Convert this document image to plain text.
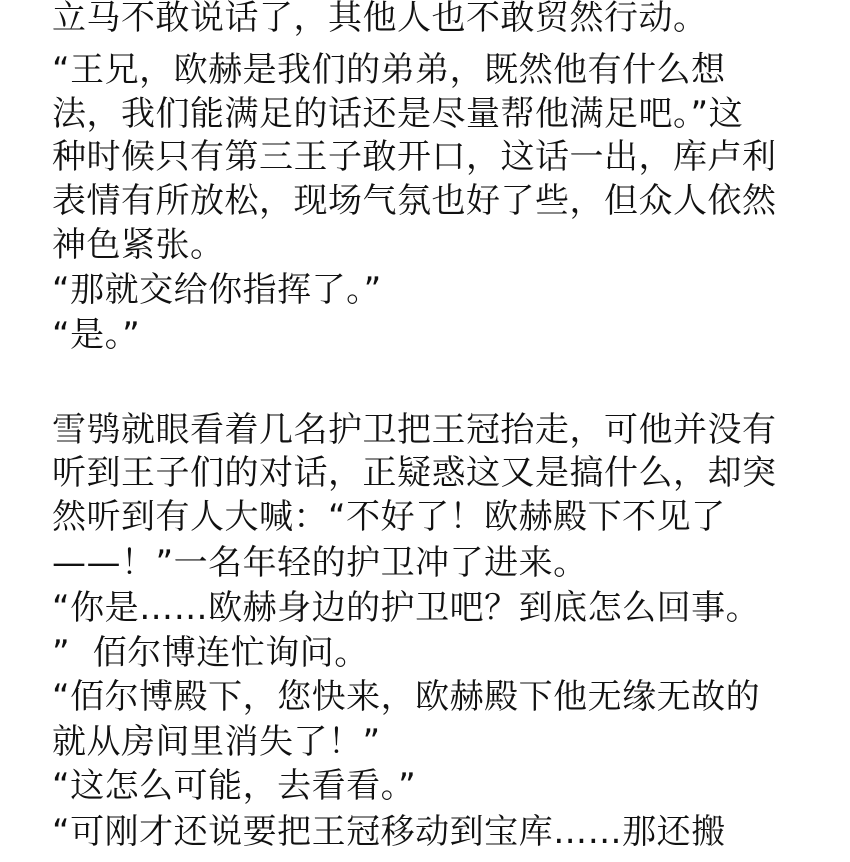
立马不敢说话了，其他人也不敢贸然行动。
“王兄，欧赫是我们的弟弟，既然他有什么想
法，我们能满足的话还是尽量帮他满足吧。”这
种时候只有第三王子敢开口，这话一出，库卢利
表情有所放松，现场气氛也好了些，但众人依然
神色紧张。
“那就交给你指挥了。”
“是。”
雪鸮就眼看着几名护卫把王冠抬走，可他并没有
听到王子们的对话，正疑惑这又是搞什么，却突
然听到有人大喊：“不好了！欧赫殿下不见了
——！”一名年轻的护卫冲了进来。
“你是……欧赫身边的护卫吧？到底怎么回事。
”  佰尔博连忙询问。
“佰尔博殿下，您快来，欧赫殿下他无缘无故的
就从房间里消失了！”
“这怎么可能，去看看。”
“可刚才还说要把王冠移动到宝库……那还搬
